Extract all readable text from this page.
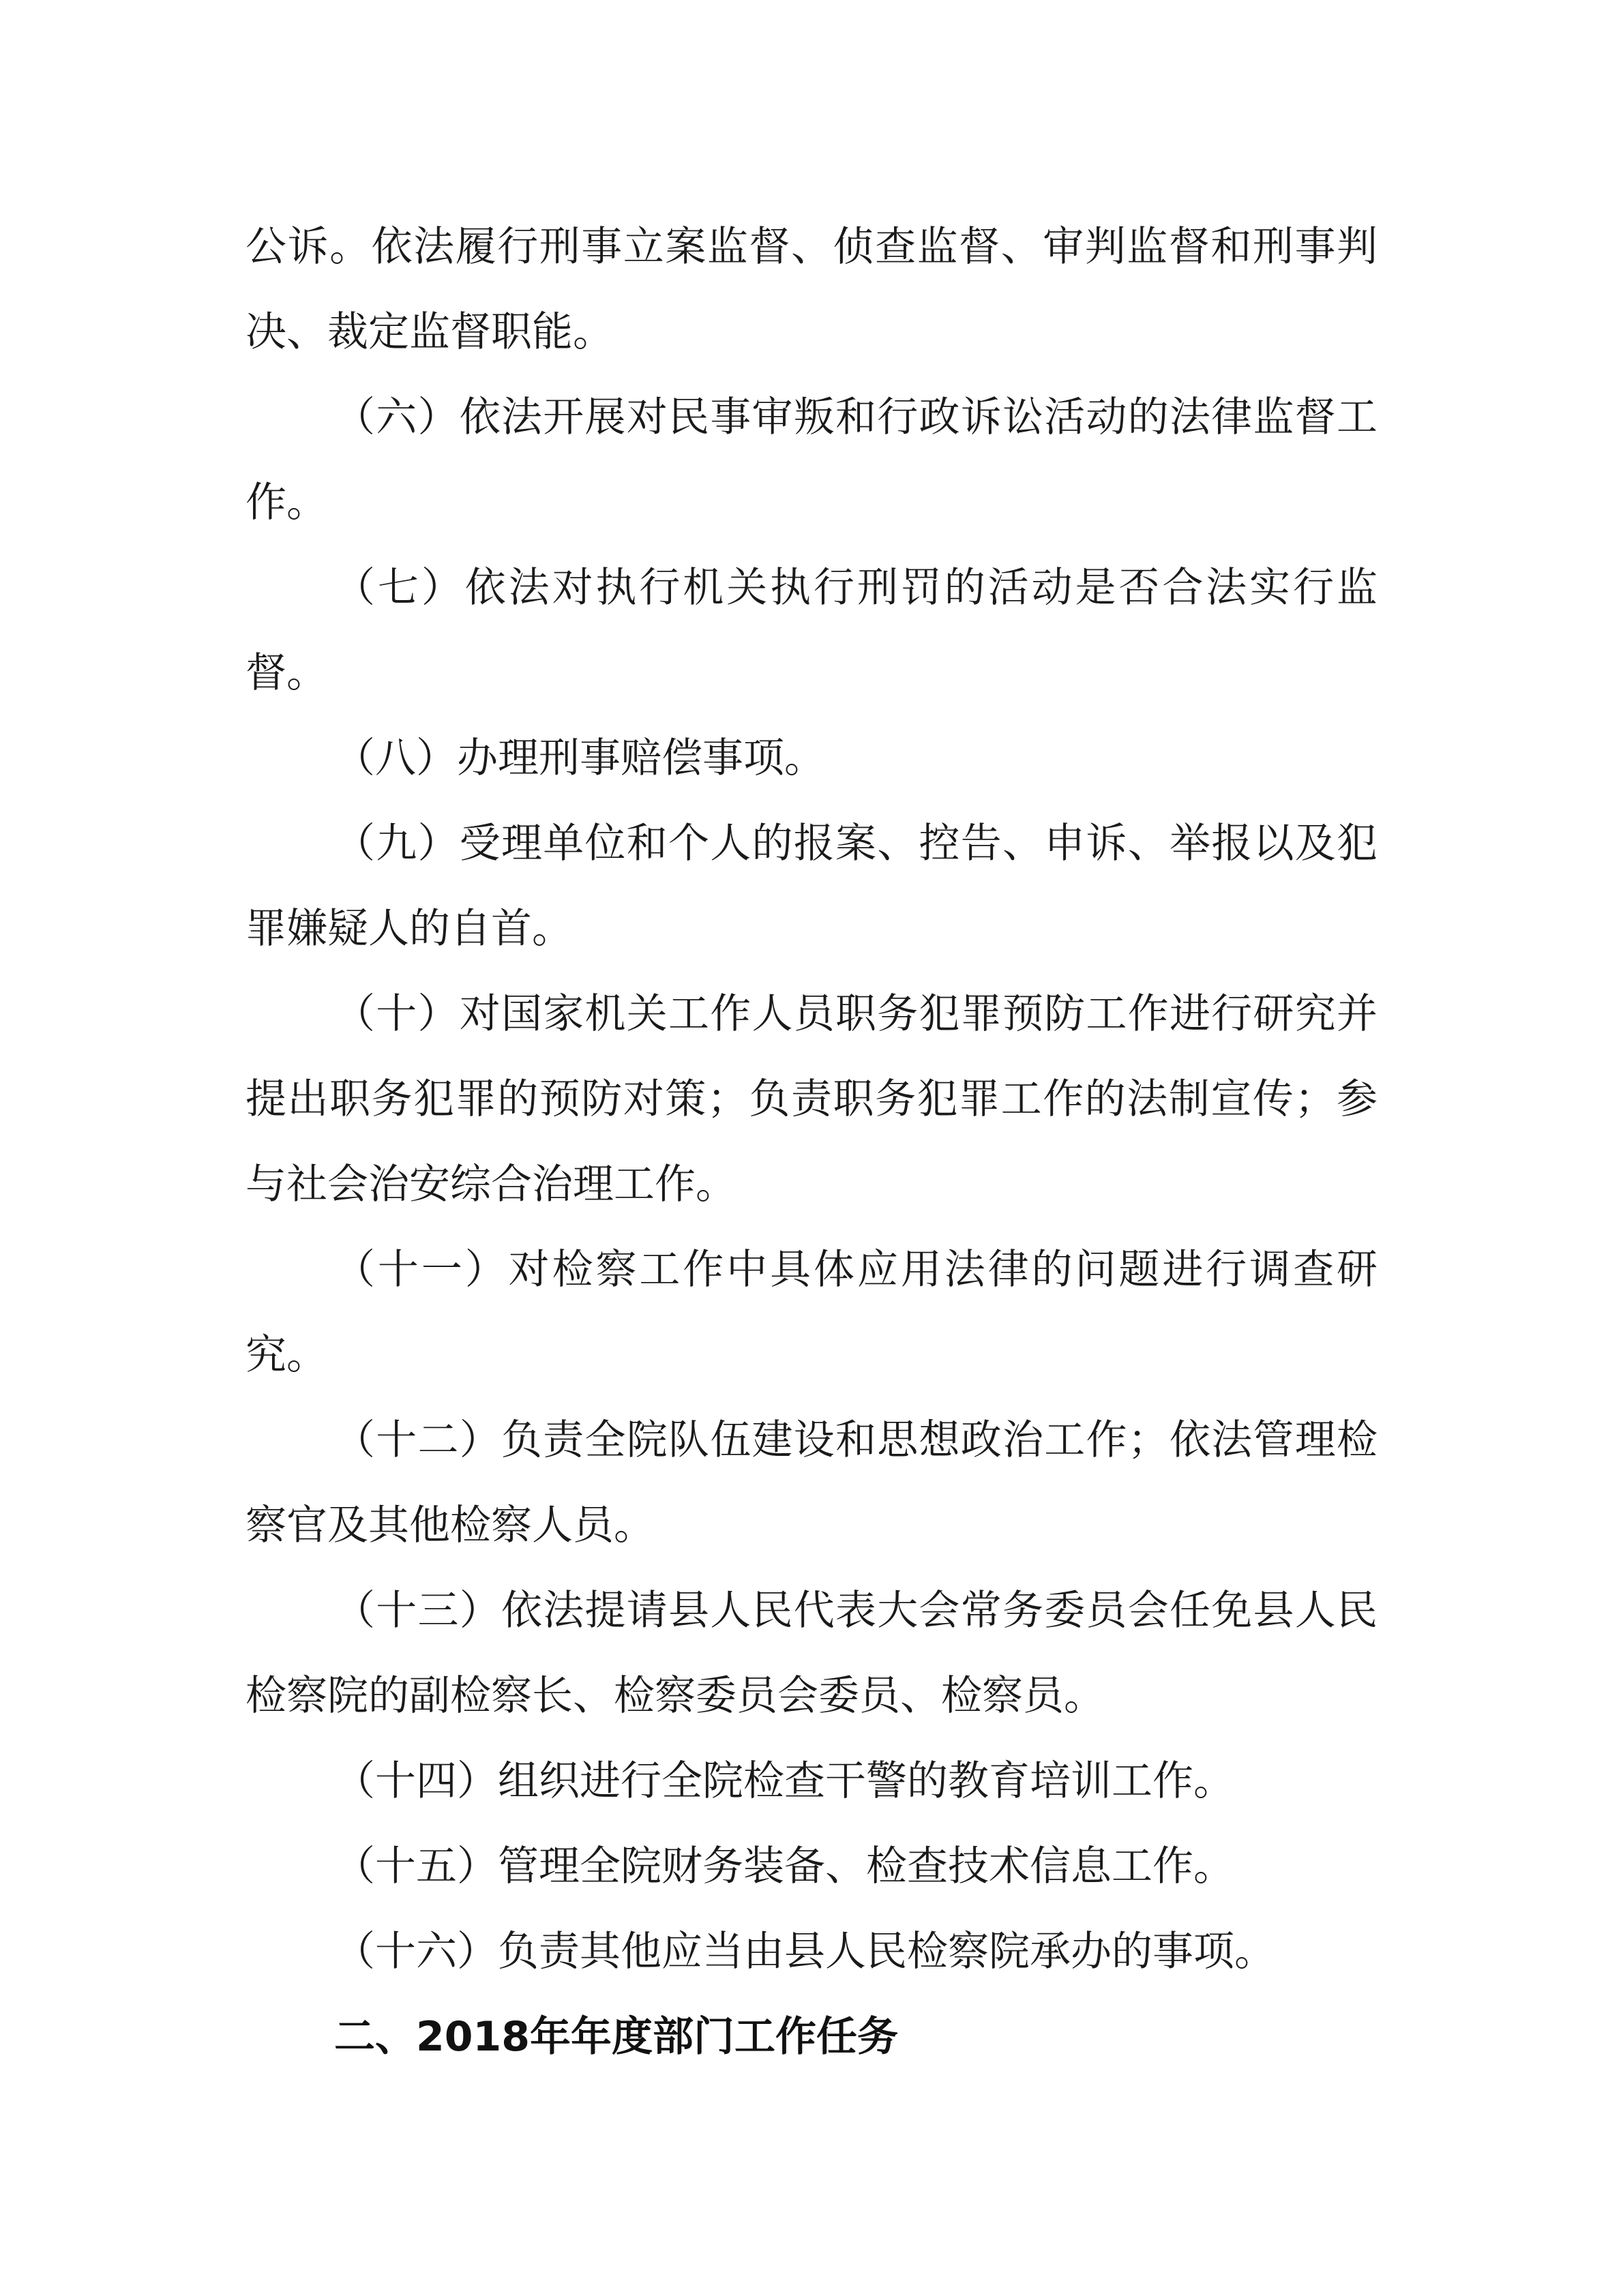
公诉。依法履行刑事立案监督、侦查监督、审判监督和刑事判决、裁定监督职能。

（六）依法开展对民事审叛和行政诉讼活动的法律监督工作。

（七）依法对执行机关执行刑罚的活动是否合法实行监督。

（八）办理刑事赔偿事项。

（九）受理单位和个人的报案、控告、申诉、举报以及犯罪嫌疑人的自首。

（十）对国家机关工作人员职务犯罪预防工作进行研究并提出职务犯罪的预防对策；负责职务犯罪工作的法制宣传；参与社会治安综合治理工作。

（十一）对检察工作中具体应用法律的问题进行调查研究。

（十二）负责全院队伍建设和思想政治工作；依法管理检察官及其他检察人员。

（十三）依法提请县人民代表大会常务委员会任免县人民检察院的副检察长、检察委员会委员、检察员。

（十四）组织进行全院检查干警的教育培训工作。

（十五）管理全院财务装备、检查技术信息工作。

（十六）负责其他应当由县人民检察院承办的事项。

二、2018年年度部门工作任务
